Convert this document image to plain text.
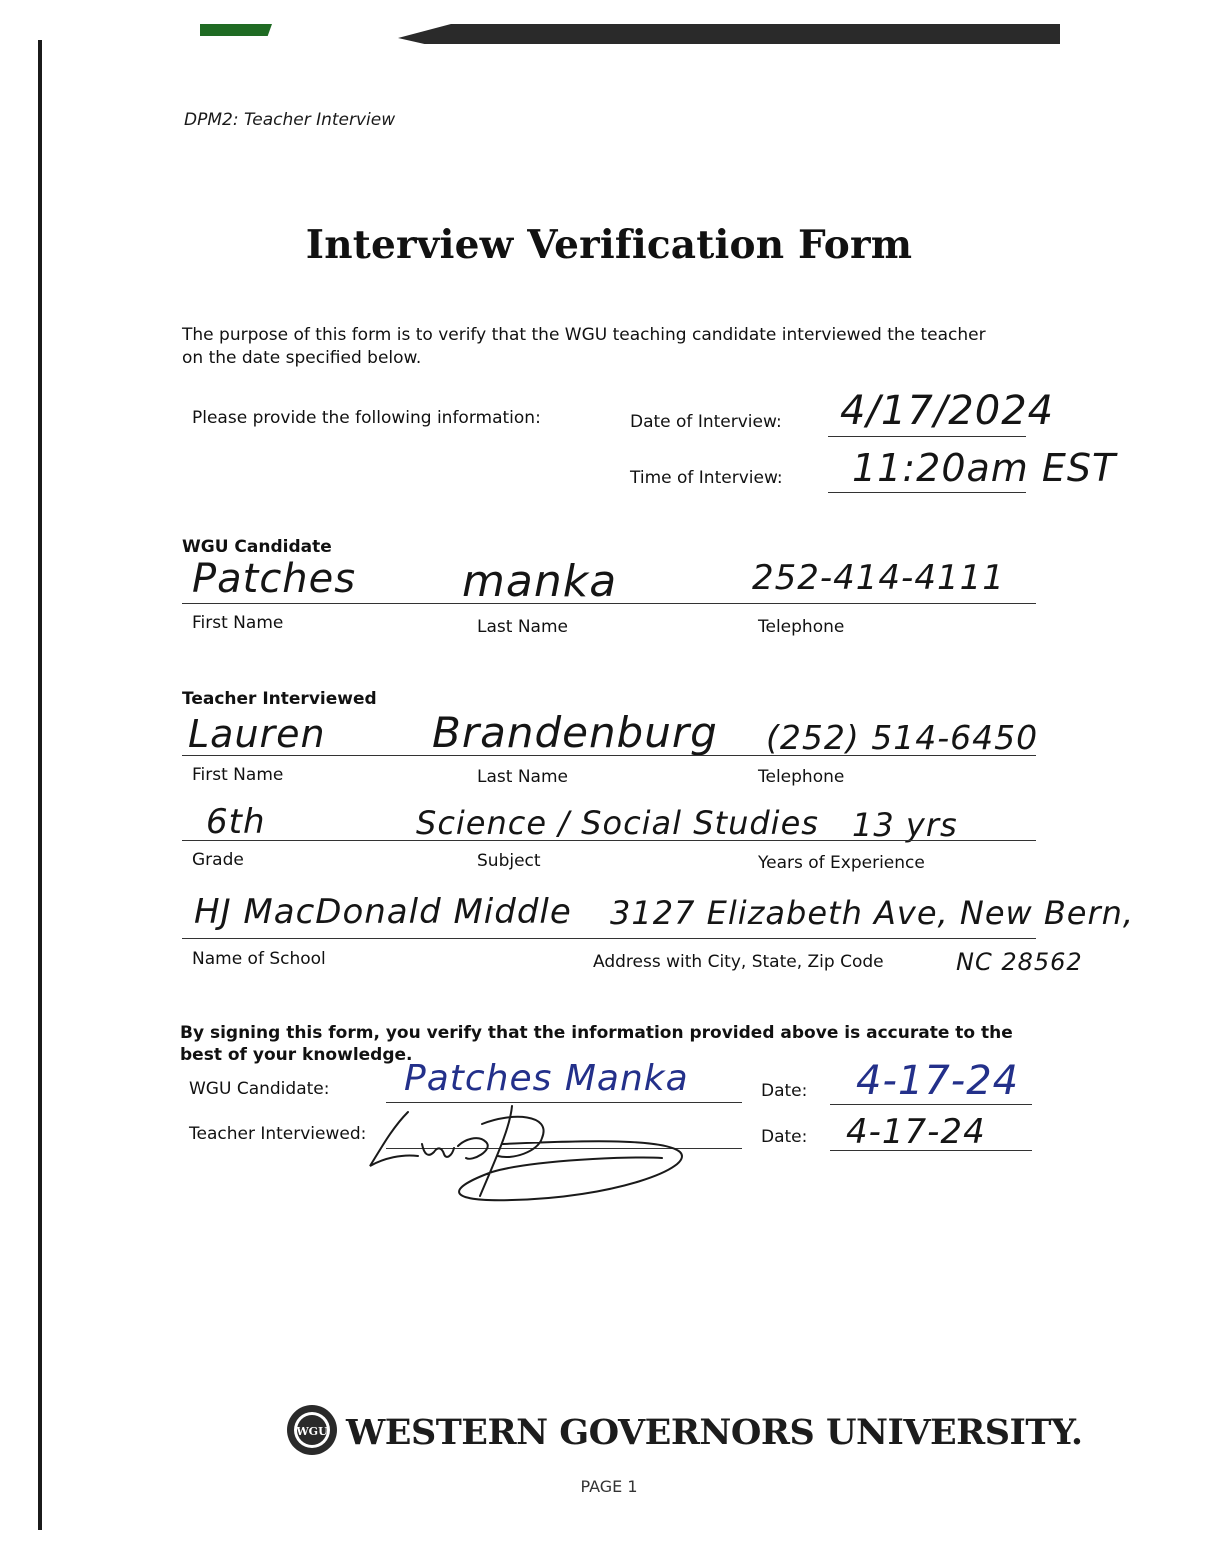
DPM2: Teacher Interview
Interview Verification Form
The purpose of this form is to verify that the WGU teaching candidate interviewed the teacher on the date specified below.
Please provide the following information:	Date of Interview: 4/17/2024
Time of Interview: 11:20am EST
WGU Candidate
Patches manka	252-414-4111
First Name	Last Name	Telephone
Teacher Interviewed
Lauren	Brandenburg (252) 514-6450
First Name	Last Name	Telephone
6th	Science / Social Studies 13 yrs
Grade	Subject	Years of Experience
HJ MacDonald Middle 3127 Elizabeth Ave, New Bern,
Name of School	Address with City, State, Zip Code	NC 28562
By signing this form, you verify that the information provided above is accurate to the best of your knowledge.
WGU Candidate: Patches Manka	Date: 4-17-24
Teacher Interviewed:	Date: 4-17-24
WGU WESTERN GOVERNORS UNIVERSITY.
PAGE 1
